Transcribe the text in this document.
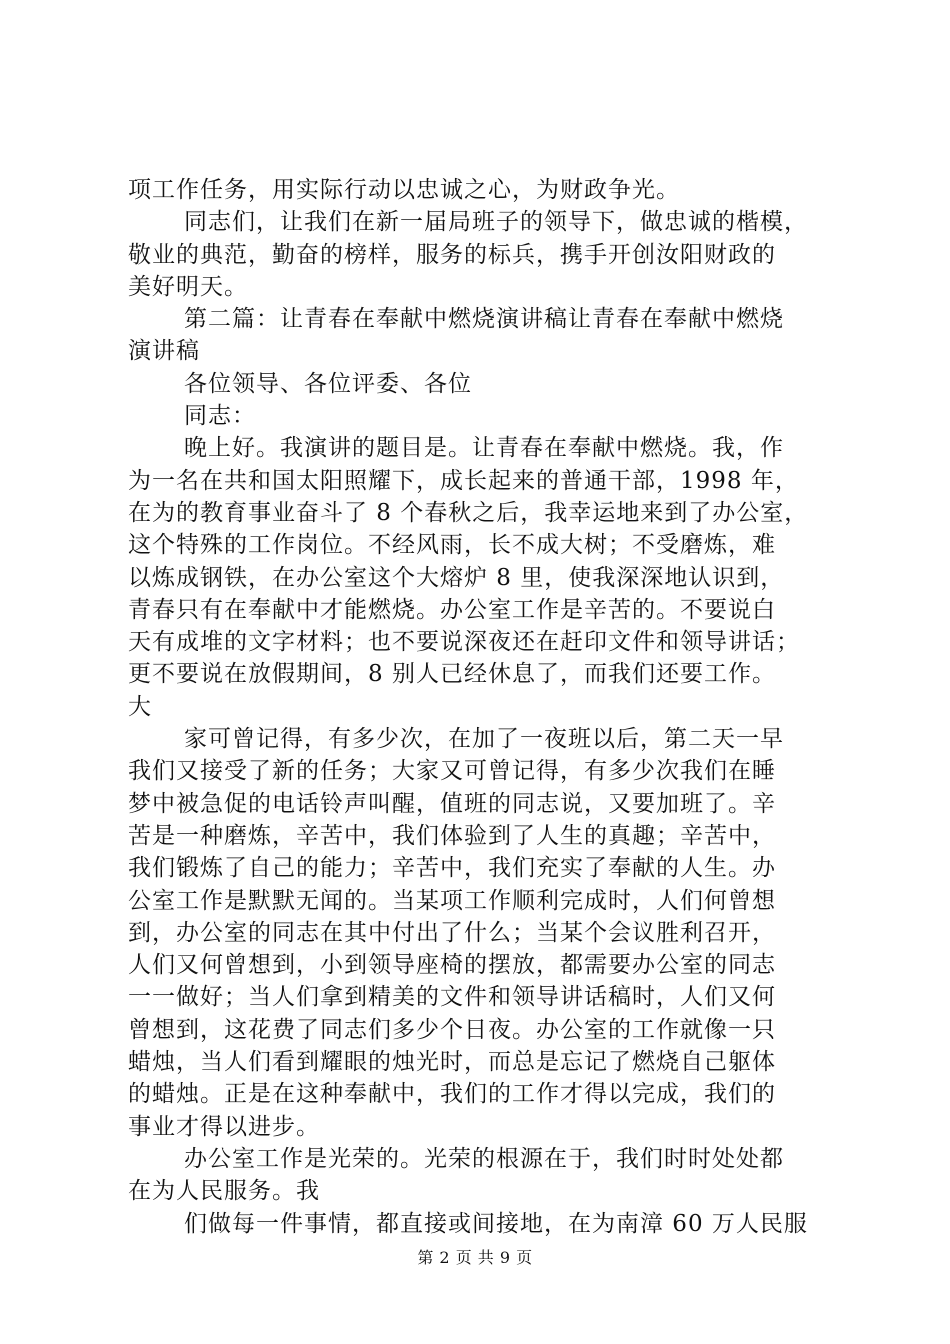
项工作任务，用实际行动以忠诚之心，为财政争光。
同志们，让我们在新一届局班子的领导下，做忠诚的楷模，
敬业的典范，勤奋的榜样，服务的标兵，携手开创汝阳财政的
美好明天。
第二篇：让青春在奉献中燃烧演讲稿让青春在奉献中燃烧
演讲稿
各位领导、各位评委、各位
同志：
晚上好。我演讲的题目是。让青春在奉献中燃烧。我，作
为一名在共和国太阳照耀下，成长起来的普通干部，1998 年，
在为的教育事业奋斗了 8 个春秋之后，我幸运地来到了办公室，
这个特殊的工作岗位。不经风雨，长不成大树；不受磨炼，难
以炼成钢铁，在办公室这个大熔炉 8 里，使我深深地认识到，
青春只有在奉献中才能燃烧。办公室工作是辛苦的。不要说白
天有成堆的文字材料；也不要说深夜还在赶印文件和领导讲话；
更不要说在放假期间，8 别人已经休息了，而我们还要工作。
大
家可曾记得，有多少次，在加了一夜班以后，第二天一早
我们又接受了新的任务；大家又可曾记得，有多少次我们在睡
梦中被急促的电话铃声叫醒，值班的同志说，又要加班了。辛
苦是一种磨炼，辛苦中，我们体验到了人生的真趣；辛苦中，
我们锻炼了自己的能力；辛苦中，我们充实了奉献的人生。办
公室工作是默默无闻的。当某项工作顺利完成时，人们何曾想
到，办公室的同志在其中付出了什么；当某个会议胜利召开，
人们又何曾想到，小到领导座椅的摆放，都需要办公室的同志
一一做好；当人们拿到精美的文件和领导讲话稿时，人们又何
曾想到，这花费了同志们多少个日夜。办公室的工作就像一只
蜡烛，当人们看到耀眼的烛光时，而总是忘记了燃烧自己躯体
的蜡烛。正是在这种奉献中，我们的工作才得以完成，我们的
事业才得以进步。
办公室工作是光荣的。光荣的根源在于，我们时时处处都
在为人民服务。我
们做每一件事情，都直接或间接地，在为南漳 60 万人民服
第 2 页 共 9 页
